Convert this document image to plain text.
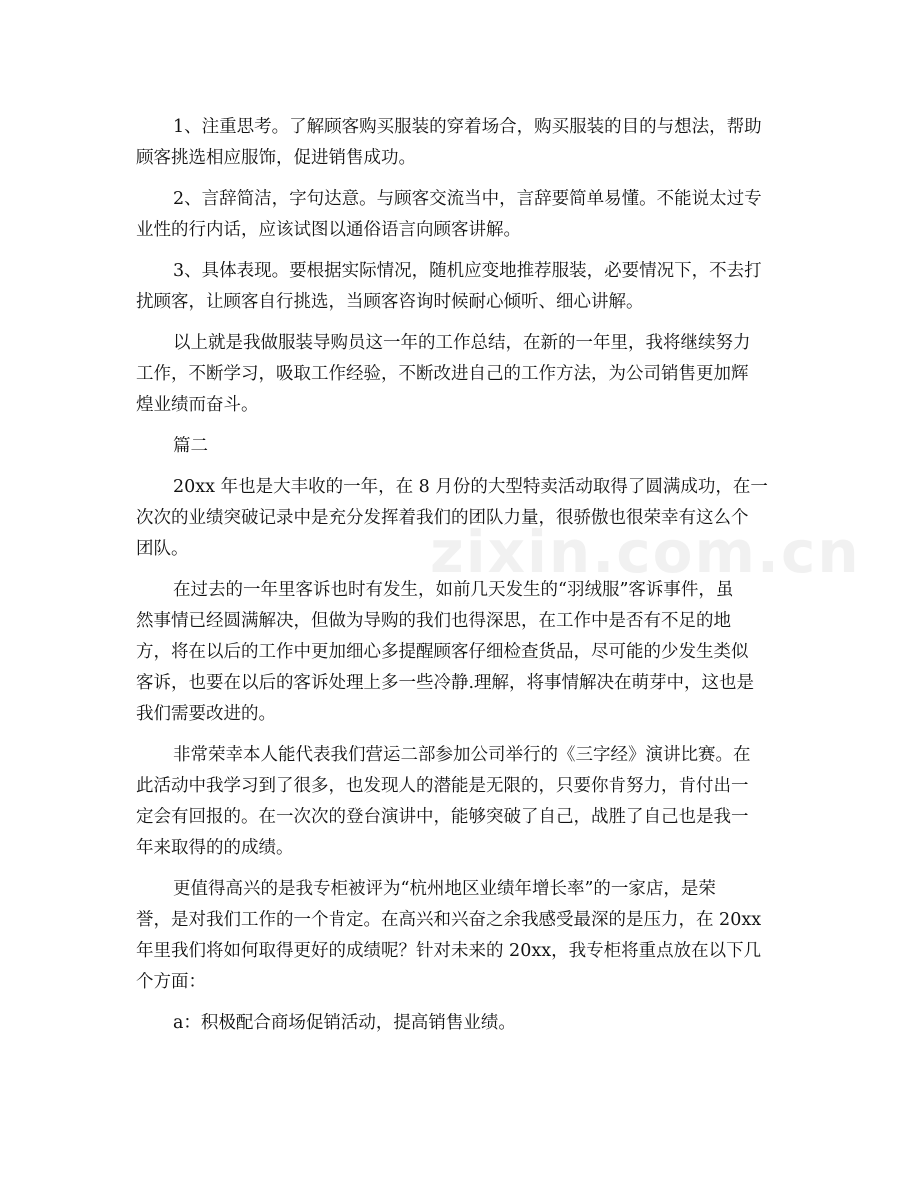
zixin.com.cn

1、注重思考。了解顾客购买服装的穿着场合，购买服装的目的与想法，帮助
顾客挑选相应服饰，促进销售成功。

2、言辞简洁，字句达意。与顾客交流当中，言辞要简单易懂。不能说太过专
业性的行内话，应该试图以通俗语言向顾客讲解。

3、具体表现。要根据实际情况，随机应变地推荐服装，必要情况下，不去打
扰顾客，让顾客自行挑选，当顾客咨询时候耐心倾听、细心讲解。

以上就是我做服装导购员这一年的工作总结，在新的一年里，我将继续努力
工作，不断学习，吸取工作经验，不断改进自己的工作方法，为公司销售更加辉
煌业绩而奋斗。

篇二

20xx 年也是大丰收的一年，在 8 月份的大型特卖活动取得了圆满成功，在一
次次的业绩突破记录中是充分发挥着我们的团队力量，很骄傲也很荣幸有这么个
团队。

在过去的一年里客诉也时有发生，如前几天发生的“羽绒服”客诉事件，虽
然事情已经圆满解决，但做为导购的我们也得深思，在工作中是否有不足的地
方，将在以后的工作中更加细心多提醒顾客仔细检查货品，尽可能的少发生类似
客诉，也要在以后的客诉处理上多一些冷静.理解，将事情解决在萌芽中，这也是
我们需要改进的。

非常荣幸本人能代表我们营运二部参加公司举行的《三字经》演讲比赛。在
此活动中我学习到了很多，也发现人的潜能是无限的，只要你肯努力，肯付出一
定会有回报的。在一次次的登台演讲中，能够突破了自己，战胜了自己也是我一
年来取得的的成绩。

更值得高兴的是我专柜被评为“杭州地区业绩年增长率”的一家店，是荣
誉，是对我们工作的一个肯定。在高兴和兴奋之余我感受最深的是压力，在 20xx
年里我们将如何取得更好的成绩呢？针对未来的 20xx，我专柜将重点放在以下几
个方面：

a：积极配合商场促销活动，提高销售业绩。
